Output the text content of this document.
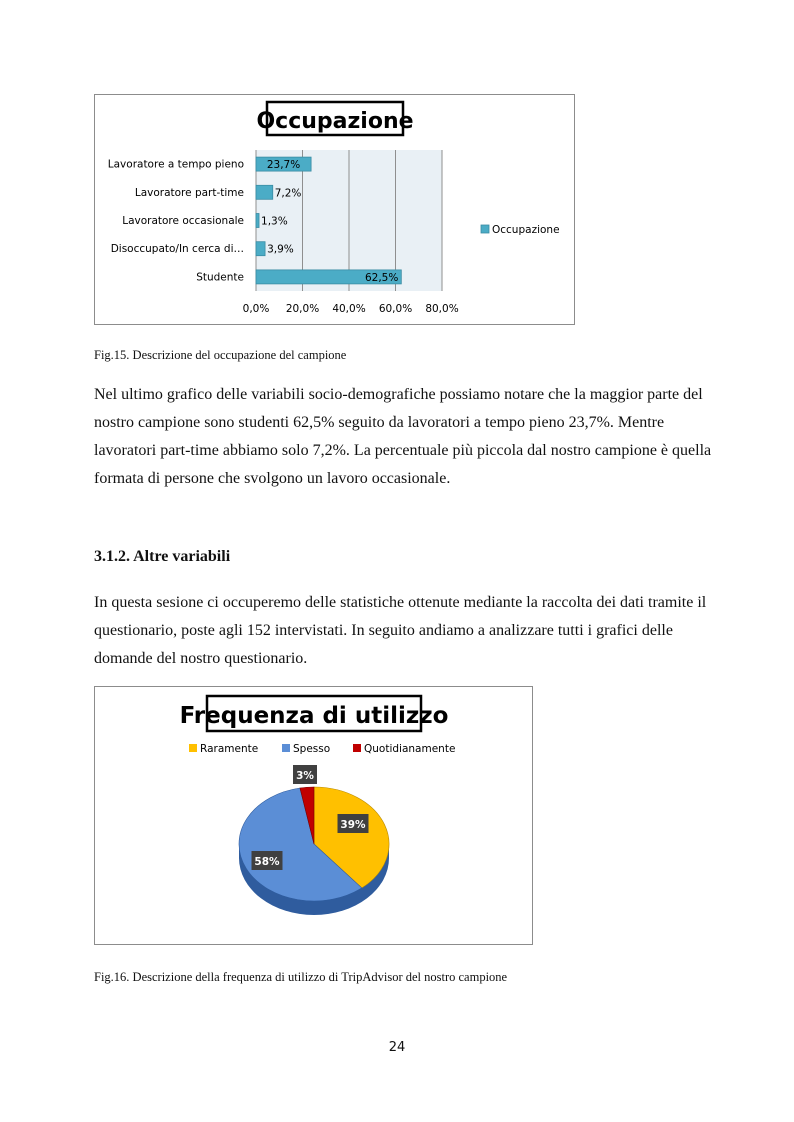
Lavoratore a tempo pieno
Lavoratore part-time
Lavoratore occasionale
Disoccupato/In cerca di…
Studente
23,7%
7,2%
1,3%
3,9%
62,5%
0,0% 20,0% 40,0% 60,0% 80,0%
Occupazione
Occupazione
Fig.15. Descrizione del occupazione del campione

Nel ultimo grafico delle variabili socio-demografiche possiamo notare che la maggior parte del nostro campione sono studenti 62,5% seguito da lavoratori a tempo pieno 23,7%. Mentre lavoratori part-time abbiamo solo 7,2%. La percentuale più piccola dal nostro campione è quella formata di persone che svolgono un lavoro occasionale.

3.1.2. Altre variabili

In questa sesione ci occuperemo delle statistiche ottenute mediante la raccolta dei dati tramite il questionario, poste agli 152 intervistati. In seguito andiamo a analizzare tutti i grafici delle domande del nostro questionario.

Frequenza di utilizzo
Raramente	Spesso	Quotidianamente
39%
58%
3%
Fig.16. Descrizione della frequenza di utilizzo di TripAdvisor del nostro campione
24
